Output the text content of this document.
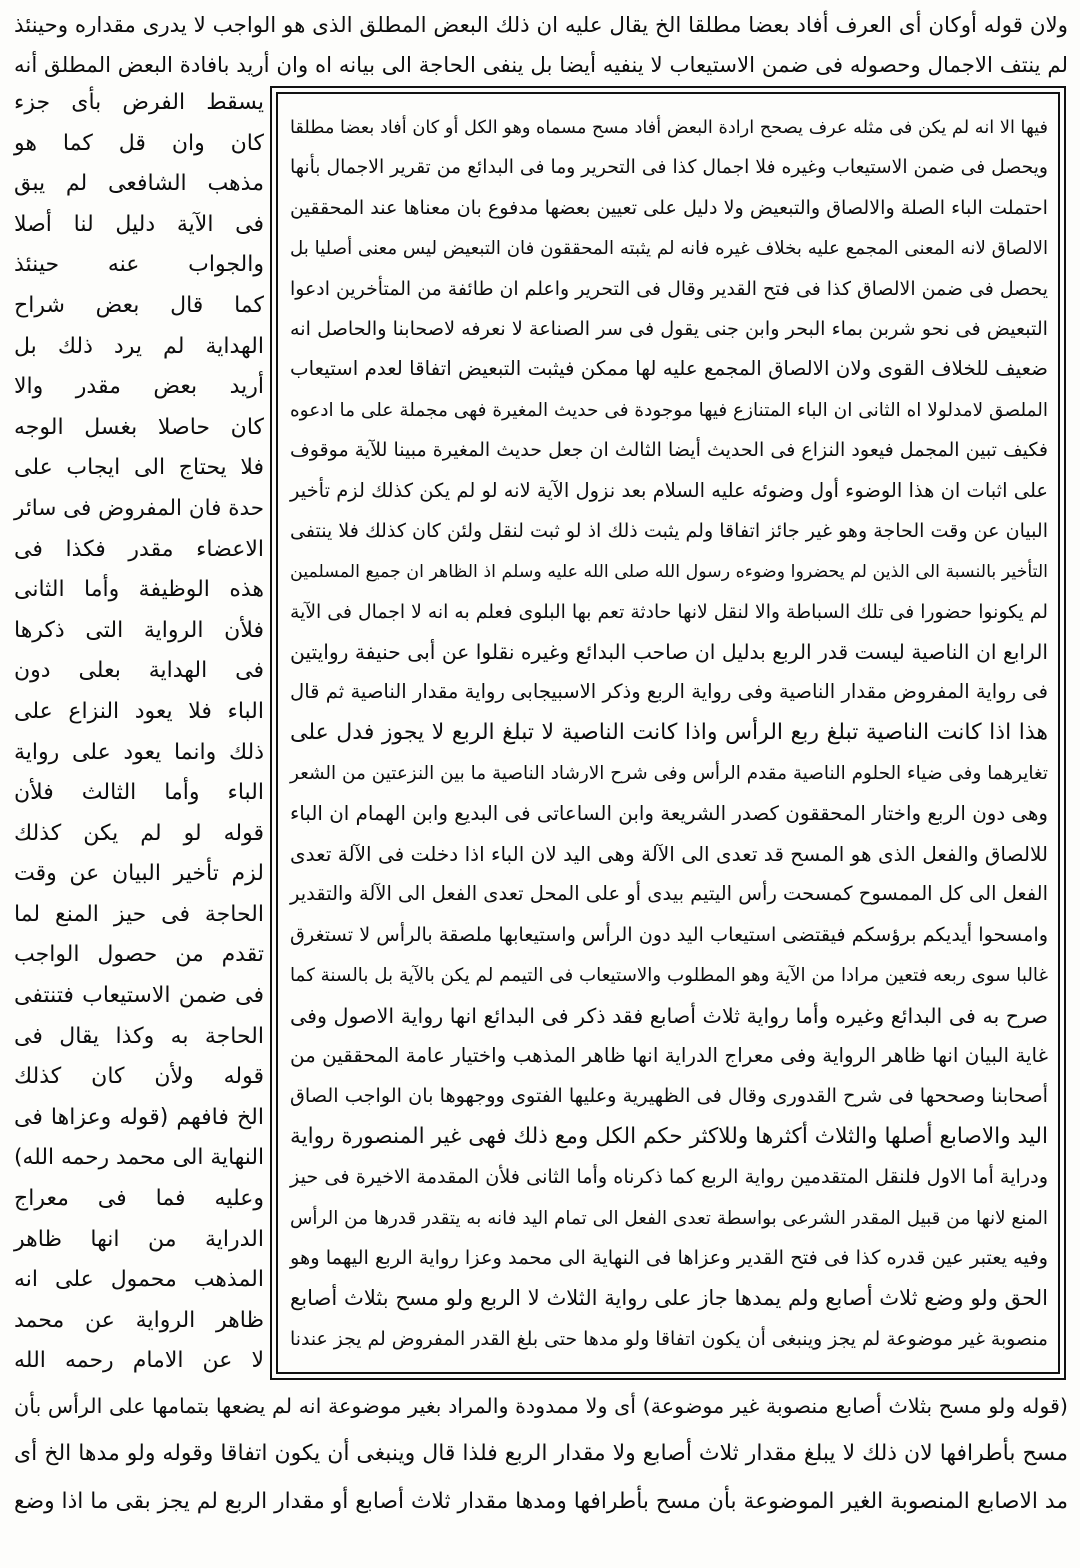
ولان قوله أوكان أى العرف أفاد بعضا مطلقا الخ يقال عليه ان ذلك البعض المطلق الذى هو الواجب لا يدرى مقداره وحينئذ
لم ينتف الاجمال وحصوله فى ضمن الاستيعاب لا ينفيه أيضا بل ينفى الحاجة الى بيانه اه وان أريد بافادة البعض المطلق أنه
يسقط الفرض بأى جزء
كان وان قل كما هو
مذهب الشافعى لم يبق
فى الآية دليل لنا أصلا
والجواب عنه حينئذ
كما قال بعض شراح
الهداية لم يرد ذلك بل
أريد بعض مقدر والا
كان حاصلا بغسل الوجه
فلا يحتاج الى ايجاب على
حدة فان المفروض فى سائر
الاعضاء مقدر فكذا فى
هذه الوظيفة وأما الثانى
فلأن الرواية التى ذكرها
فى الهداية بعلى دون
الباء فلا يعود النزاع على
ذلك وانما يعود على رواية
الباء وأما الثالث فلأن
قوله لو لم يكن كذلك
لزم تأخير البيان عن وقت
الحاجة فى حيز المنع لما
تقدم من حصول الواجب
فى ضمن الاستيعاب فتنتفى
الحاجة به وكذا يقال فى
قوله ولأن كان كذلك
الخ فافهم (قوله وعزاها فى
النهاية الى محمد رحمه الله)
وعليه فما فى معراج
الدراية من انها ظاهر
المذهب محمول على انه
ظاهر الرواية عن محمد
لا عن الامام رحمه الله
فيها الا انه لم يكن فى مثله عرف يصحح ارادة البعض أفاد مسح مسماه وهو الكل أو كان أفاد بعضا مطلقا
ويحصل فى ضمن الاستيعاب وغيره فلا اجمال كذا فى التحرير وما فى البدائع من تقرير الاجمال بأنها
احتملت الباء الصلة والالصاق والتبعيض ولا دليل على تعيين بعضها مدفوع بان معناها عند المحققين
الالصاق لانه المعنى المجمع عليه بخلاف غيره فانه لم يثبته المحققون فان التبعيض ليس معنى أصليا بل
يحصل فى ضمن الالصاق كذا فى فتح القدير وقال فى التحرير واعلم ان طائفة من المتأخرين ادعوا
التبعيض فى نحو شربن بماء البحر وابن جنى يقول فى سر الصناعة لا نعرفه لاصحابنا والحاصل انه
ضعيف للخلاف القوى ولان الالصاق المجمع عليه لها ممكن فيثبت التبعيض اتفاقا لعدم استيعاب
الملصق لامدلولا اه الثانى ان الباء المتنازع فيها موجودة فى حديث المغيرة فهى مجملة على ما ادعوه
فكيف تبين المجمل فيعود النزاع فى الحديث أيضا الثالث ان جعل حديث المغيرة مبينا للآية موقوف
على اثبات ان هذا الوضوء أول وضوئه عليه السلام بعد نزول الآية لانه لو لم يكن كذلك لزم تأخير
البيان عن وقت الحاجة وهو غير جائز اتفاقا ولم يثبت ذلك اذ لو ثبت لنقل ولئن كان كذلك فلا ينتفى
التأخير بالنسبة الى الذين لم يحضروا وضوءه رسول الله صلى الله عليه وسلم اذ الظاهر ان جميع المسلمين
لم يكونوا حضورا فى تلك السباطة والا لنقل لانها حادثة تعم بها البلوى فعلم به انه لا اجمال فى الآية
الرابع ان الناصية ليست قدر الربع بدليل ان صاحب البدائع وغيره نقلوا عن أبى حنيفة روايتين
فى رواية المفروض مقدار الناصية وفى رواية الربع وذكر الاسبيجابى رواية مقدار الناصية ثم قال
هذا اذا كانت الناصية تبلغ ربع الرأس واذا كانت الناصية لا تبلغ الربع لا يجوز فدل على
تغايرهما وفى ضياء الحلوم الناصية مقدم الرأس وفى شرح الارشاد الناصية ما بين النزعتين من الشعر
وهى دون الربع واختار المحققون كصدر الشريعة وابن الساعاتى فى البديع وابن الهمام ان الباء
للالصاق والفعل الذى هو المسح قد تعدى الى الآلة وهى اليد لان الباء اذا دخلت فى الآلة تعدى
الفعل الى كل الممسوح كمسحت رأس اليتيم بيدى أو على المحل تعدى الفعل الى الآلة والتقدير
وامسحوا أيديكم برؤسكم فيقتضى استيعاب اليد دون الرأس واستيعابها ملصقة بالرأس لا تستغرق
غالبا سوى ربعه فتعين مرادا من الآية وهو المطلوب والاستيعاب فى التيمم لم يكن بالآية بل بالسنة كما
صرح به فى البدائع وغيره وأما رواية ثلاث أصابع فقد ذكر فى البدائع انها رواية الاصول وفى
غاية البيان انها ظاهر الرواية وفى معراج الدراية انها ظاهر المذهب واختيار عامة المحققين من
أصحابنا وصححها فى شرح القدورى وقال فى الظهيرية وعليها الفتوى ووجهوها بان الواجب الصاق
اليد والاصابع أصلها والثلاث أكثرها وللاكثر حكم الكل ومع ذلك فهى غير المنصورة رواية
ودراية أما الاول فلنقل المتقدمين رواية الربع كما ذكرناه وأما الثانى فلأن المقدمة الاخيرة فى حيز
المنع لانها من قبيل المقدر الشرعى بواسطة تعدى الفعل الى تمام اليد فانه به يتقدر قدرها من الرأس
وفيه يعتبر عين قدره كذا فى فتح القدير وعزاها فى النهاية الى محمد وعزا رواية الربع اليهما وهو
الحق ولو وضع ثلاث أصابع ولم يمدها جاز على رواية الثلاث لا الربع ولو مسح بثلاث أصابع
منصوبة غير موضوعة لم يجز وينبغى أن يكون اتفاقا ولو مدها حتى بلغ القدر المفروض لم يجز عندنا
(قوله ولو مسح بثلاث أصابع منصوبة غير موضوعة) أى ولا ممدودة والمراد بغير موضوعة انه لم يضعها بتمامها على الرأس بأن
مسح بأطرافها لان ذلك لا يبلغ مقدار ثلاث أصابع ولا مقدار الربع فلذا قال وينبغى أن يكون اتفاقا وقوله ولو مدها الخ أى
مد الاصابع المنصوبة الغير الموضوعة بأن مسح بأطرافها ومدها مقدار ثلاث أصابع أو مقدار الربع لم يجز بقى ما اذا وضع
